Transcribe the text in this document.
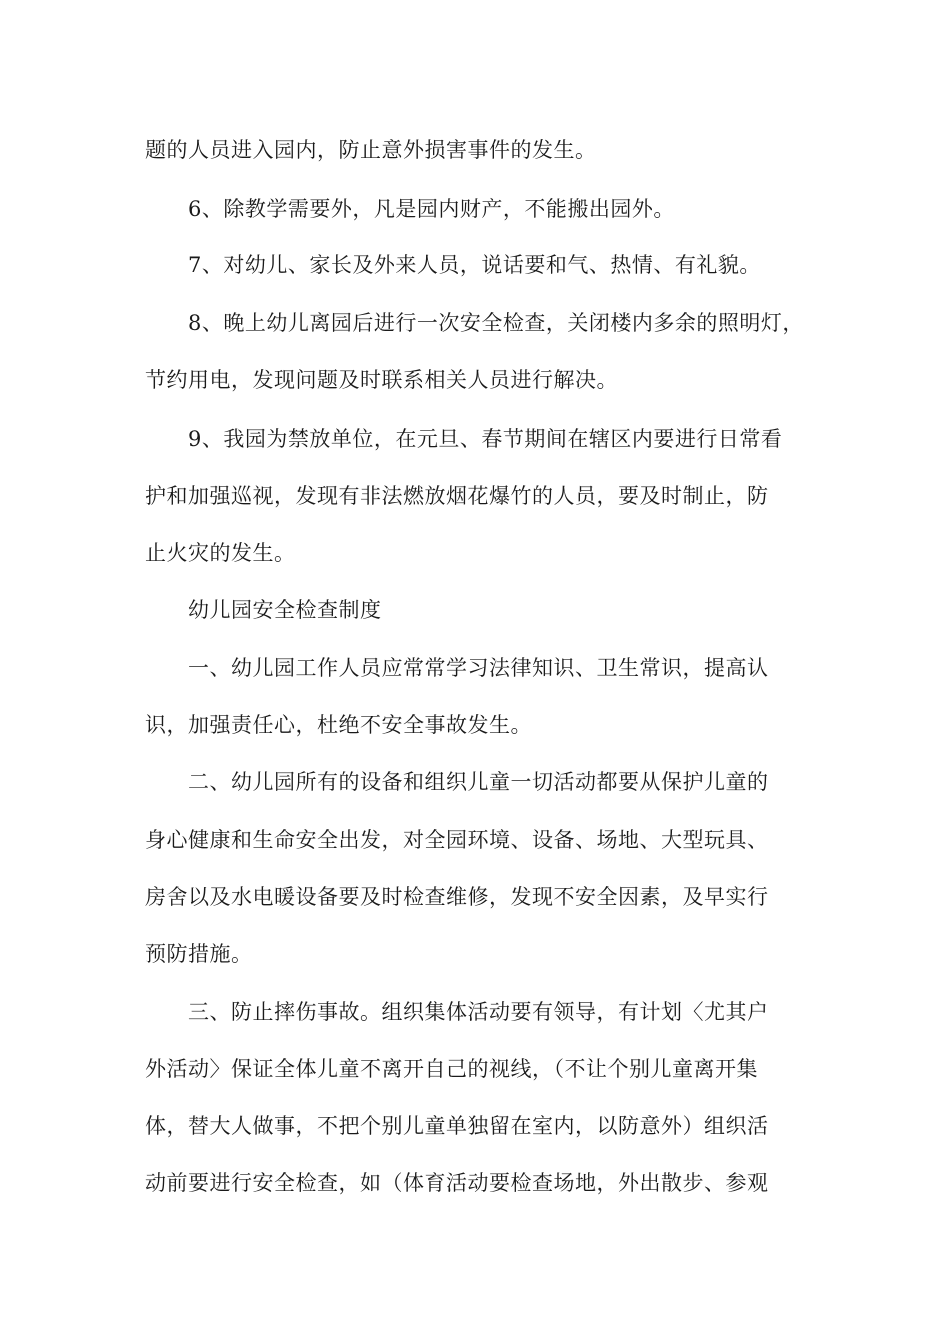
题的人员进入园内，防止意外损害事件的发生。
6、除教学需要外，凡是园内财产，不能搬出园外。
7、对幼儿、家长及外来人员，说话要和气、热情、有礼貌。
8、晚上幼儿离园后进行一次安全检查，关闭楼内多余的照明灯，
节约用电，发现问题及时联系相关人员进行解决。
9、我园为禁放单位，在元旦、春节期间在辖区内要进行日常看
护和加强巡视，发现有非法燃放烟花爆竹的人员，要及时制止，防
止火灾的发生。
幼儿园安全检查制度
一、幼儿园工作人员应常常学习法律知识、卫生常识，提高认
识，加强责任心，杜绝不安全事故发生。
二、幼儿园所有的设备和组织儿童一切活动都要从保护儿童的
身心健康和生命安全出发，对全园环境、设备、场地、大型玩具、
房舍以及水电暖设备要及时检查维修，发现不安全因素，及早实行
预防措施。
三、防止摔伤事故。组织集体活动要有领导，有计划〈尤其户
外活动〉保证全体儿童不离开自己的视线，（不让个别儿童离开集
体，替大人做事，不把个别儿童单独留在室内，以防意外）组织活
动前要进行安全检查，如（体育活动要检查场地，外出散步、参观
